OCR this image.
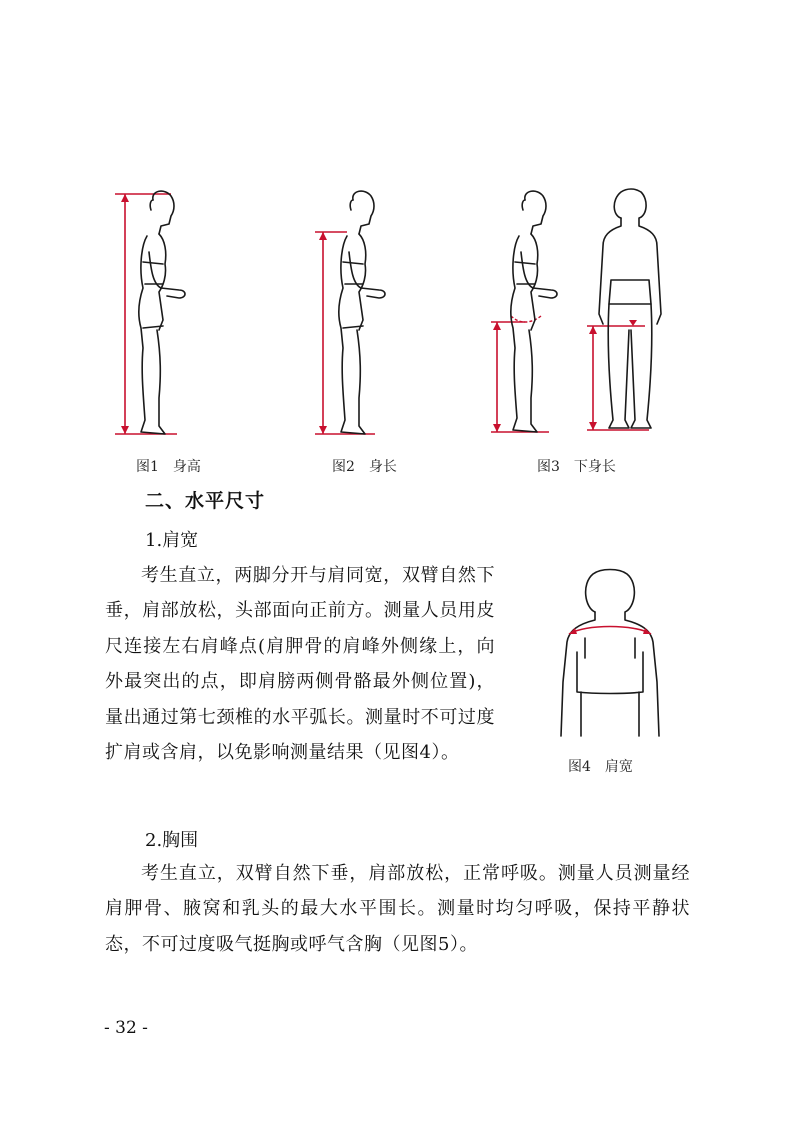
图1　身高	图2　身长	图3　下身长
二、水平尺寸
1.肩宽
考生直立，两脚分开与肩同宽，双臂自然下垂，肩部放松，头部面向正前方。测量人员用皮尺连接左右肩峰点(肩胛骨的肩峰外侧缘上，向外最突出的点，即肩膀两侧骨骼最外侧位置)，量出通过第七颈椎的水平弧长。测量时不可过度扩肩或含肩，以免影响测量结果（见图4）。
图4　肩宽
2.胸围
考生直立，双臂自然下垂，肩部放松，正常呼吸。测量人员测量经肩胛骨、腋窝和乳头的最大水平围长。测量时均匀呼吸，保持平静状态，不可过度吸气挺胸或呼气含胸（见图5）。
- 32 -
